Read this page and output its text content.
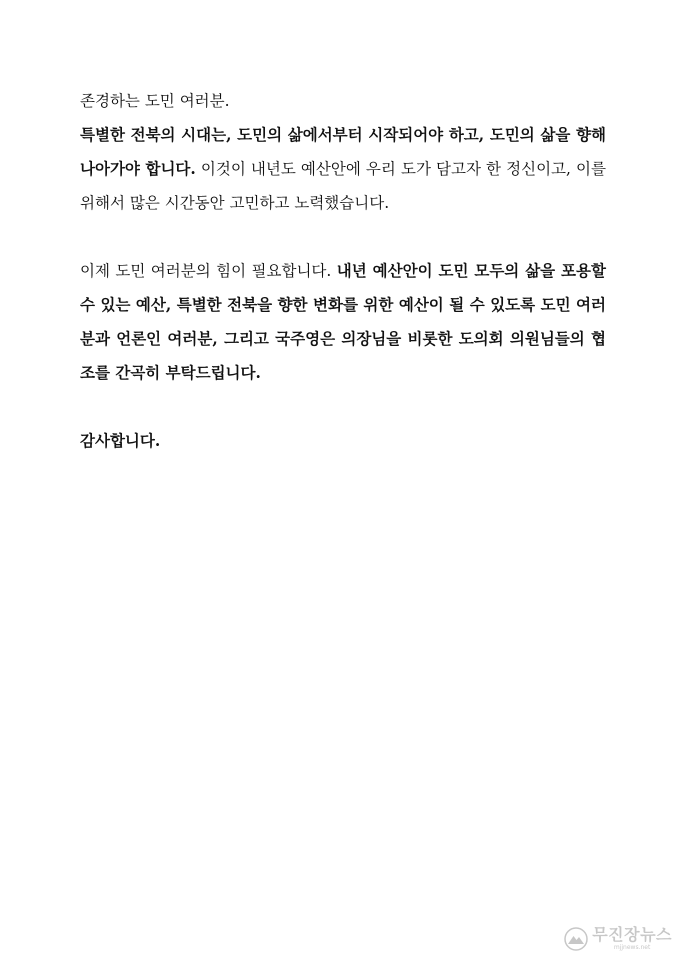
존경하는 도민 여러분.

특별한 전북의 시대는, 도민의 삶에서부터 시작되어야 하고, 도민의 삶을 향해 나아가야 합니다. 이것이 내년도 예산안에 우리 도가 담고자 한 정신이고, 이를 위해서 많은 시간동안 고민하고 노력했습니다.

이제 도민 여러분의 힘이 필요합니다. 내년 예산안이 도민 모두의 삶을 포용할 수 있는 예산, 특별한 전북을 향한 변화를 위한 예산이 될 수 있도록 도민 여러분과 언론인 여러분, 그리고 국주영은 의장님을 비롯한 도의회 의원님들의 협조를 간곡히 부탁드립니다.

감사합니다.

무진장뉴스
mjjnews.net
